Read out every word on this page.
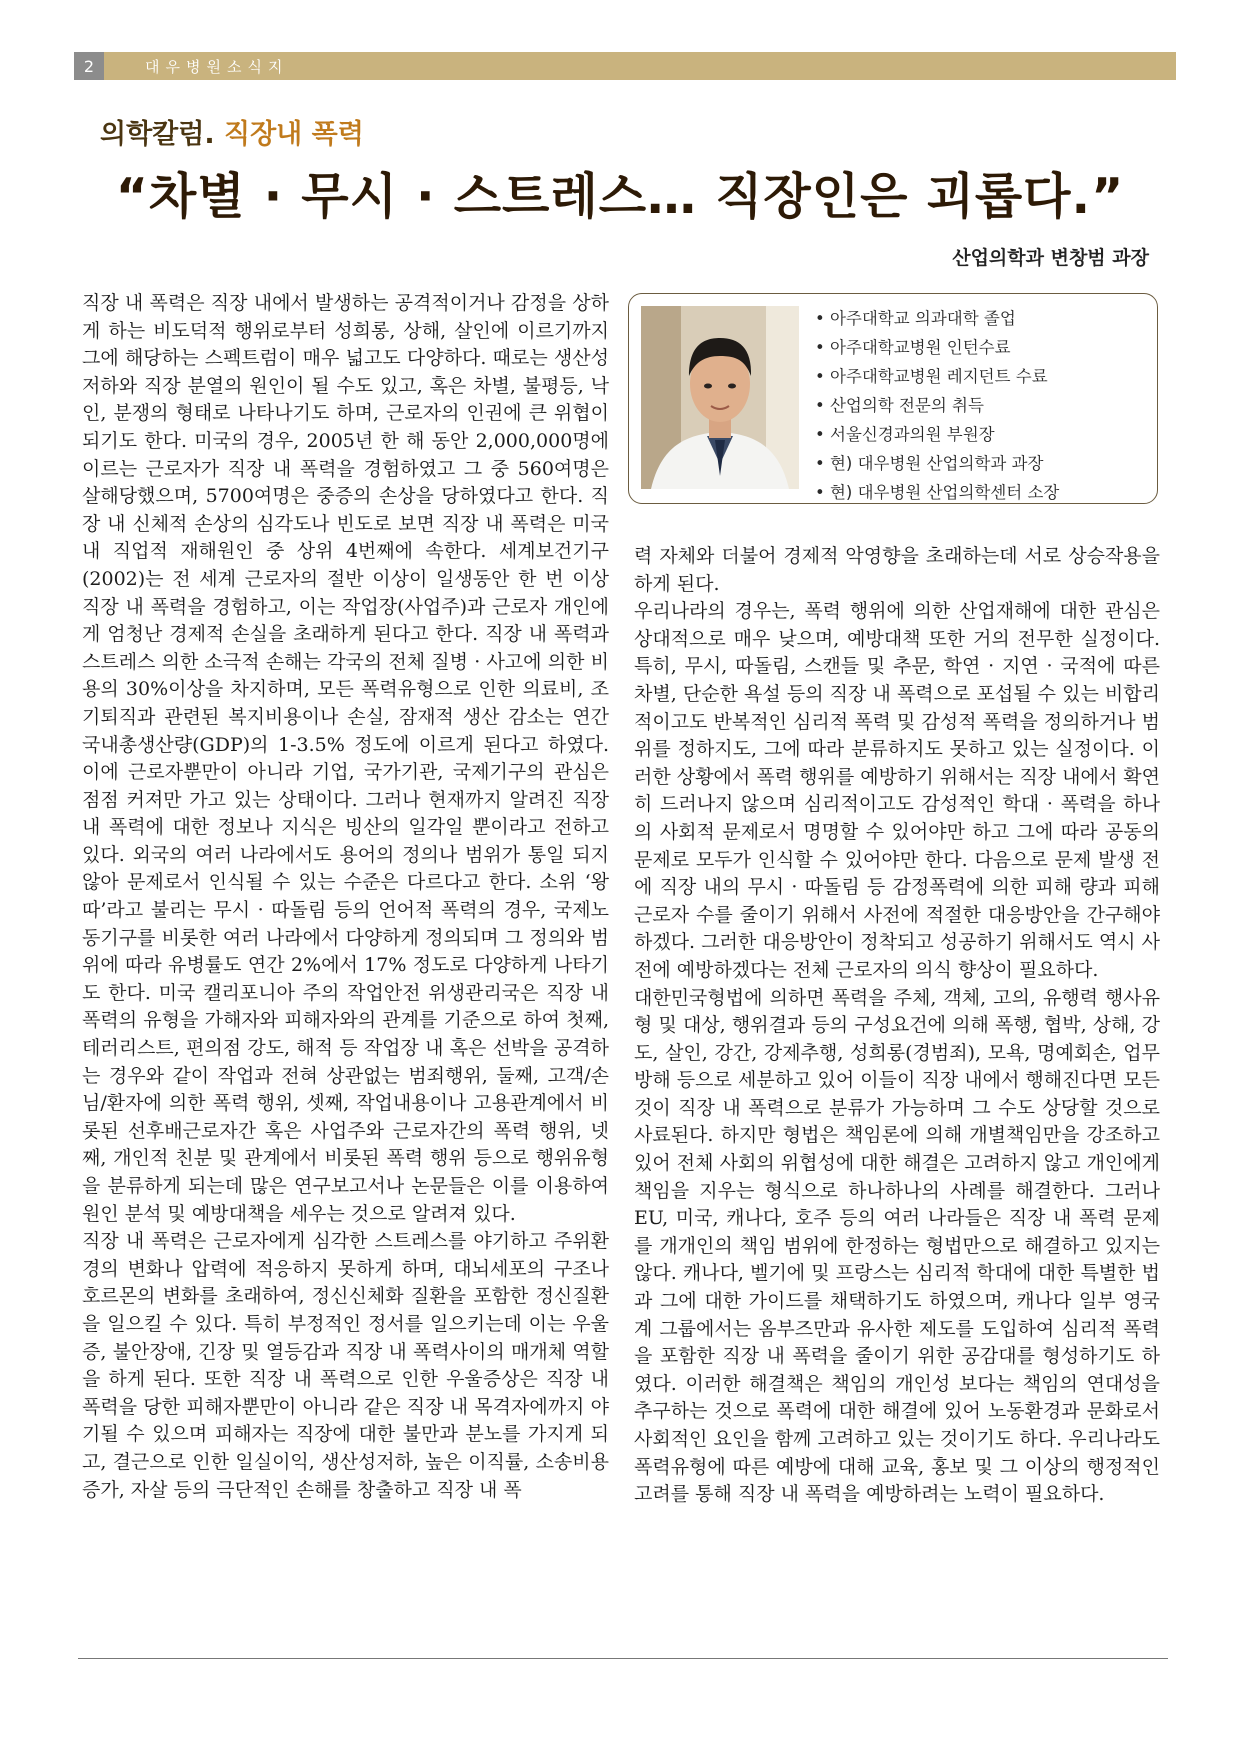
2	대우병원소식지
의학칼럼. 직장내 폭력
“차별 · 무시 · 스트레스… 직장인은 괴롭다.”
산업의학과 변창범 과장

직장 내 폭력은 직장 내에서 발생하는 공격적이거나 감정을 상하게 하는 비도덕적 행위로부터 성희롱, 상해, 살인에 이르기까지 그에 해당하는 스펙트럼이 매우 넓고도 다양하다. 때로는 생산성저하와 직장 분열의 원인이 될 수도 있고, 혹은 차별, 불평등, 낙인, 분쟁의 형태로 나타나기도 하며, 근로자의 인권에 큰 위협이 되기도 한다. 미국의 경우, 2005년 한 해 동안 2,000,000명에 이르는 근로자가 직장 내 폭력을 경험하였고 그 중 560여명은 살해당했으며, 5700여명은 중증의 손상을 당하였다고 한다. 직장 내 신체적 손상의 심각도나 빈도로 보면 직장 내 폭력은 미국 내 직업적 재해원인 중 상위 4번째에 속한다. 세계보건기구(2002)는 전 세계 근로자의 절반 이상이 일생동안 한 번 이상 직장 내 폭력을 경험하고, 이는 작업장(사업주)과 근로자 개인에게 엄청난 경제적 손실을 초래하게 된다고 한다. 직장 내 폭력과 스트레스 의한 소극적 손해는 각국의 전체 질병 · 사고에 의한 비용의 30%이상을 차지하며, 모든 폭력유형으로 인한 의료비, 조기퇴직과 관련된 복지비용이나 손실, 잠재적 생산 감소는 연간 국내총생산량(GDP)의 1-3.5% 정도에 이르게 된다고 하였다. 이에 근로자뿐만이 아니라 기업, 국가기관, 국제기구의 관심은 점점 커져만 가고 있는 상태이다. 그러나 현재까지 알려진 직장 내 폭력에 대한 정보나 지식은 빙산의 일각일 뿐이라고 전하고 있다. 외국의 여러 나라에서도 용어의 정의나 범위가 통일 되지 않아 문제로서 인식될 수 있는 수준은 다르다고 한다. 소위 ‘왕따’라고 불리는 무시 · 따돌림 등의 언어적 폭력의 경우, 국제노동기구를 비롯한 여러 나라에서 다양하게 정의되며 그 정의와 범위에 따라 유병률도 연간 2%에서 17% 정도로 다양하게 나타기도 한다. 미국 캘리포니아 주의 작업안전 위생관리국은 직장 내 폭력의 유형을 가해자와 피해자와의 관계를 기준으로 하여 첫째, 테러리스트, 편의점 강도, 해적 등 작업장 내 혹은 선박을 공격하는 경우와 같이 작업과 전혀 상관없는 범죄행위, 둘째, 고객/손님/환자에 의한 폭력 행위, 셋째, 작업내용이나 고용관계에서 비롯된 선후배근로자간 혹은 사업주와 근로자간의 폭력 행위, 넷째, 개인적 친분 및 관계에서 비롯된 폭력 행위 등으로 행위유형을 분류하게 되는데 많은 연구보고서나 논문들은 이를 이용하여 원인 분석 및 예방대책을 세우는 것으로 알려져 있다.

직장 내 폭력은 근로자에게 심각한 스트레스를 야기하고 주위환경의 변화나 압력에 적응하지 못하게 하며, 대뇌세포의 구조나 호르몬의 변화를 초래하여, 정신신체화 질환을 포함한 정신질환을 일으킬 수 있다. 특히 부정적인 정서를 일으키는데 이는 우울증, 불안장애, 긴장 및 열등감과 직장 내 폭력사이의 매개체 역할을 하게 된다. 또한 직장 내 폭력으로 인한 우울증상은 직장 내 폭력을 당한 피해자뿐만이 아니라 같은 직장 내 목격자에까지 야기될 수 있으며 피해자는 직장에 대한 불만과 분노를 가지게 되고, 결근으로 인한 일실이익, 생산성저하, 높은 이직률, 소송비용증가, 자살 등의 극단적인 손해를 창출하고 직장 내 폭

• 아주대학교 의과대학 졸업
• 아주대학교병원 인턴수료
• 아주대학교병원 레지던트 수료
• 산업의학 전문의 취득
• 서울신경과의원 부원장
• 현) 대우병원 산업의학과 과장
• 현) 대우병원 산업의학센터 소장

력 자체와 더불어 경제적 악영향을 초래하는데 서로 상승작용을 하게 된다.

우리나라의 경우는, 폭력 행위에 의한 산업재해에 대한 관심은 상대적으로 매우 낮으며, 예방대책 또한 거의 전무한 실정이다. 특히, 무시, 따돌림, 스캔들 및 추문, 학연 · 지연 · 국적에 따른 차별, 단순한 욕설 등의 직장 내 폭력으로 포섭될 수 있는 비합리적이고도 반복적인 심리적 폭력 및 감성적 폭력을 정의하거나 범위를 정하지도, 그에 따라 분류하지도 못하고 있는 실정이다. 이러한 상황에서 폭력 행위를 예방하기 위해서는 직장 내에서 확연히 드러나지 않으며 심리적이고도 감성적인 학대 · 폭력을 하나의 사회적 문제로서 명명할 수 있어야만 하고 그에 따라 공동의 문제로 모두가 인식할 수 있어야만 한다. 다음으로 문제 발생 전에 직장 내의 무시 · 따돌림 등 감정폭력에 의한 피해 량과 피해 근로자 수를 줄이기 위해서 사전에 적절한 대응방안을 간구해야 하겠다. 그러한 대응방안이 정착되고 성공하기 위해서도 역시 사전에 예방하겠다는 전체 근로자의 의식 향상이 필요하다.

대한민국형법에 의하면 폭력을 주체, 객체, 고의, 유행력 행사유형 및 대상, 행위결과 등의 구성요건에 의해 폭행, 협박, 상해, 강도, 살인, 강간, 강제추행, 성희롱(경범죄), 모욕, 명예회손, 업무방해 등으로 세분하고 있어 이들이 직장 내에서 행해진다면 모든 것이 직장 내 폭력으로 분류가 가능하며 그 수도 상당할 것으로 사료된다. 하지만 형법은 책임론에 의해 개별책임만을 강조하고 있어 전체 사회의 위협성에 대한 해결은 고려하지 않고 개인에게 책임을 지우는 형식으로 하나하나의 사례를 해결한다. 그러나 EU, 미국, 캐나다, 호주 등의 여러 나라들은 직장 내 폭력 문제를 개개인의 책임 범위에 한정하는 형법만으로 해결하고 있지는 않다. 캐나다, 벨기에 및 프랑스는 심리적 학대에 대한 특별한 법과 그에 대한 가이드를 채택하기도 하였으며, 캐나다 일부 영국계 그룹에서는 옴부즈만과 유사한 제도를 도입하여 심리적 폭력을 포함한 직장 내 폭력을 줄이기 위한 공감대를 형성하기도 하였다. 이러한 해결책은 책임의 개인성 보다는 책임의 연대성을 추구하는 것으로 폭력에 대한 해결에 있어 노동환경과 문화로서 사회적인 요인을 함께 고려하고 있는 것이기도 하다. 우리나라도 폭력유형에 따른 예방에 대해 교육, 홍보 및 그 이상의 행정적인 고려를 통해 직장 내 폭력을 예방하려는 노력이 필요하다.
